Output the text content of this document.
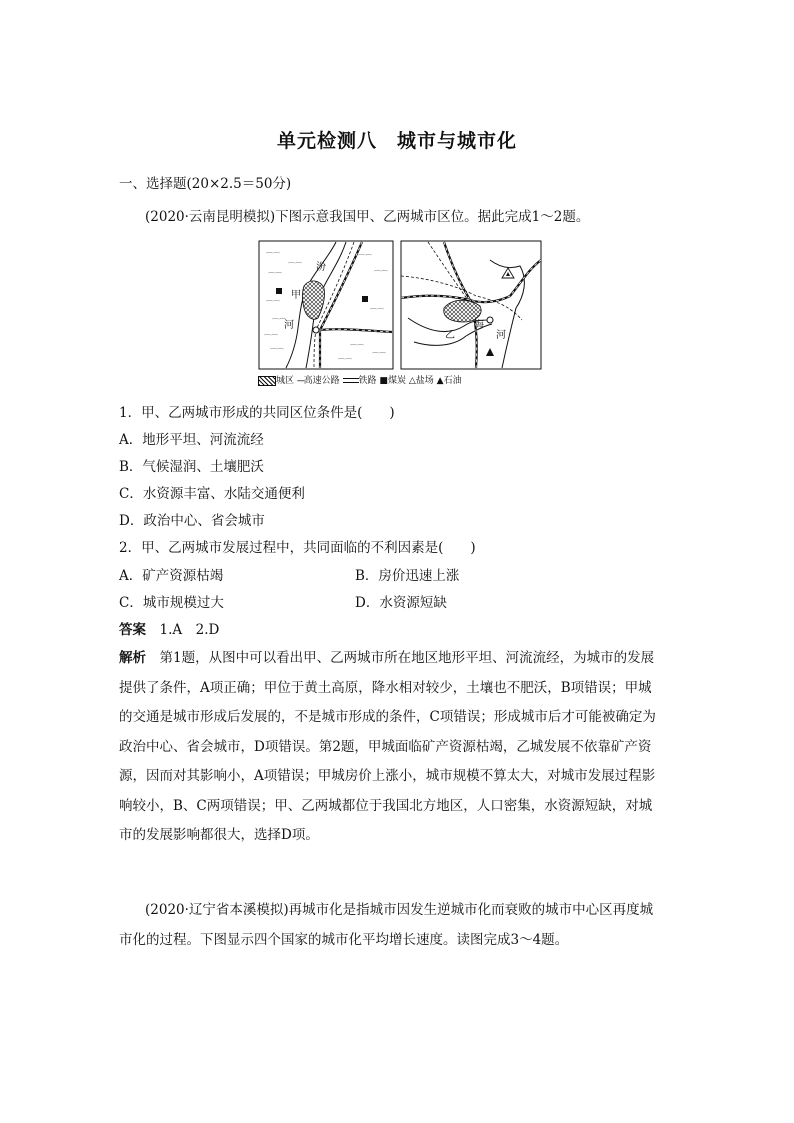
单元检测八　城市与城市化
一、选择题(20×2.5＝50分)
(2020·云南昆明模拟)下图示意我国甲、乙两城市区位。据此完成1～2题。
⌒⌒
⌒⌒
⌒⌒
⌒⌒
⌒⌒
⌒⌒
⌒⌒
⌒⌒
⌒⌒
⌒⌒
⌒⌒
⌒⌒
⌒⌒
汾
甲
河
乙
海
河
城区 ---高速公路 铁路 ■煤炭 △盐场 ▲石油
1．甲、乙两城市形成的共同区位条件是(　　)
A．地形平坦、河流流经
B．气候湿润、土壤肥沃
C．水资源丰富、水陆交通便利
D．政治中心、省会城市
2．甲、乙两城市发展过程中，共同面临的不利因素是(　　)
A．矿产资源枯竭	B．房价迅速上涨
C．城市规模过大	D．水资源短缺
答案　 1.A　2.D
解析　 第1题，从图中可以看出甲、乙两城市所在地区地形平坦、河流流经，为城市的发展
提供了条件，A项正确；甲位于黄土高原，降水相对较少，土壤也不肥沃，B项错误；甲城
的交通是城市形成后发展的，不是城市形成的条件，C项错误；形成城市后才可能被确定为
政治中心、省会城市，D项错误。第2题，甲城面临矿产资源枯竭，乙城发展不依靠矿产资
源，因而对其影响小，A项错误；甲城房价上涨小，城市规模不算太大，对城市发展过程影
响较小，B、C两项错误；甲、乙两城都位于我国北方地区，人口密集，水资源短缺，对城
市的发展影响都很大，选择D项。
(2020·辽宁省本溪模拟)再城市化是指城市因发生逆城市化而衰败的城市中心区再度城
市化的过程。下图显示四个国家的城市化平均增长速度。读图完成3～4题。
